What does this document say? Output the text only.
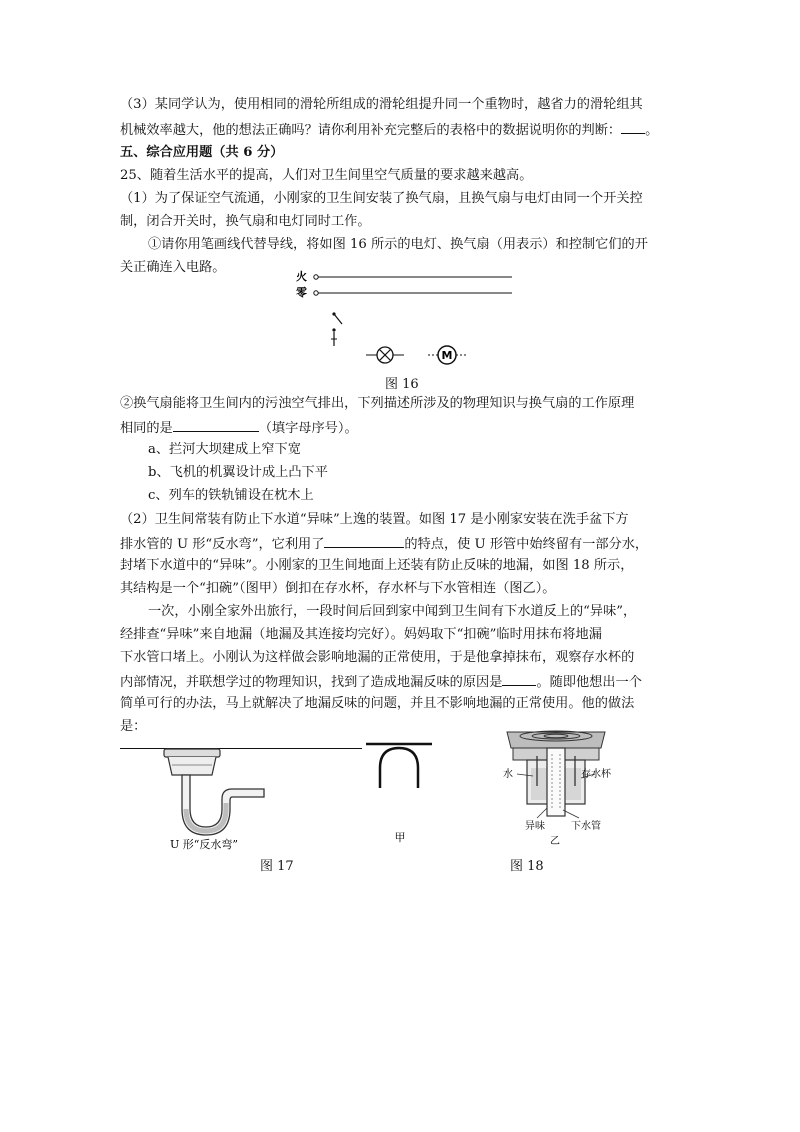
（3）某同学认为，使用相同的滑轮所组成的滑轮组提升同一个重物时，越省力的滑轮组其
机械效率越大，他的想法正确吗？请你利用补充完整后的表格中的数据说明你的判断： 。
五、综合应用题（共 6 分）
25、随着生活水平的提高，人们对卫生间里空气质量的要求越来越高。
（1）为了保证空气流通，小刚家的卫生间安装了换气扇，且换气扇与电灯由同一个开关控
制，闭合开关时，换气扇和电灯同时工作。
①请你用笔画线代替导线，将如图 16 所示的电灯、换气扇（用表示）和控制它们的开
关正确连入电路。
火
零
M
图 16
②换气扇能将卫生间内的污浊空气排出，下列描述所涉及的物理知识与换气扇的工作原理
相同的是	（填字母序号）。
a、拦河大坝建成上窄下宽
b、飞机的机翼设计成上凸下平
c、列车的铁轨铺设在枕木上
（2）卫生间常装有防止下水道“异味”上逸的装置。如图 17 是小刚家安装在洗手盆下方
排水管的 U 形“反水弯”，它利用了	的特点，使 U 形管中始终留有一部分水，
封堵下水道中的“异味”。小刚家的卫生间地面上还装有防止反味的地漏，如图 18 所示，
其结构是一个“扣碗”（图甲）倒扣在存水杯，存水杯与下水管相连（图乙）。
一次，小刚全家外出旅行，一段时间后回到家中闻到卫生间有下水道反上的“异味”，
经排查“异味”来自地漏（地漏及其连接均完好）。妈妈取下“扣碗”临时用抹布将地漏
下水管口堵上。小刚认为这样做会影响地漏的正常使用，于是他拿掉抹布，观察存水杯的
内部情况，并联想学过的物理知识，找到了造成地漏反味的原因是	。随即他想出一个
简单可行的办法，马上就解决了地漏反味的问题，并且不影响地漏的正常使用。他的做法
是：
U 形“反水弯”
甲
水	存水杯
异味	下水管
乙
图 17	图 18
